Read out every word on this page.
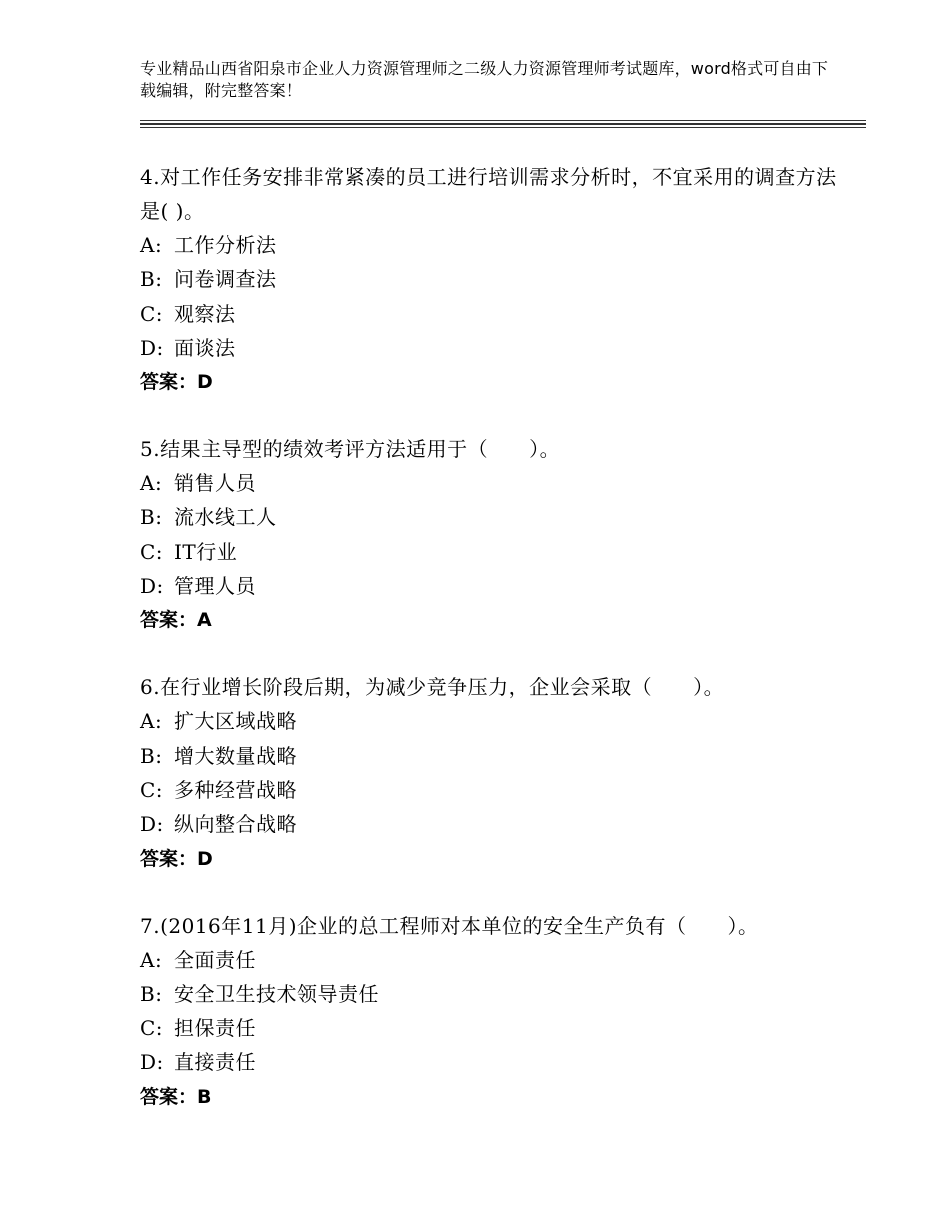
专业精品山西省阳泉市企业人力资源管理师之二级人力资源管理师考试题库，word格式可自由下载编辑，附完整答案！
4.对工作任务安排非常紧凑的员工进行培训需求分析时，不宜采用的调查方法是( )。
A: 工作分析法
B: 问卷调查法
C: 观察法
D: 面谈法
答案：D
5.结果主导型的绩效考评方法适用于（　　）。
A: 销售人员
B: 流水线工人
C: IT行业
D: 管理人员
答案：A
6.在行业增长阶段后期，为减少竞争压力，企业会采取（　　）。
A: 扩大区域战略
B: 增大数量战略
C: 多种经营战略
D: 纵向整合战略
答案：D
7.(2016年11月)企业的总工程师对本单位的安全生产负有（　　）。
A: 全面责任
B: 安全卫生技术领导责任
C: 担保责任
D: 直接责任
答案：B
